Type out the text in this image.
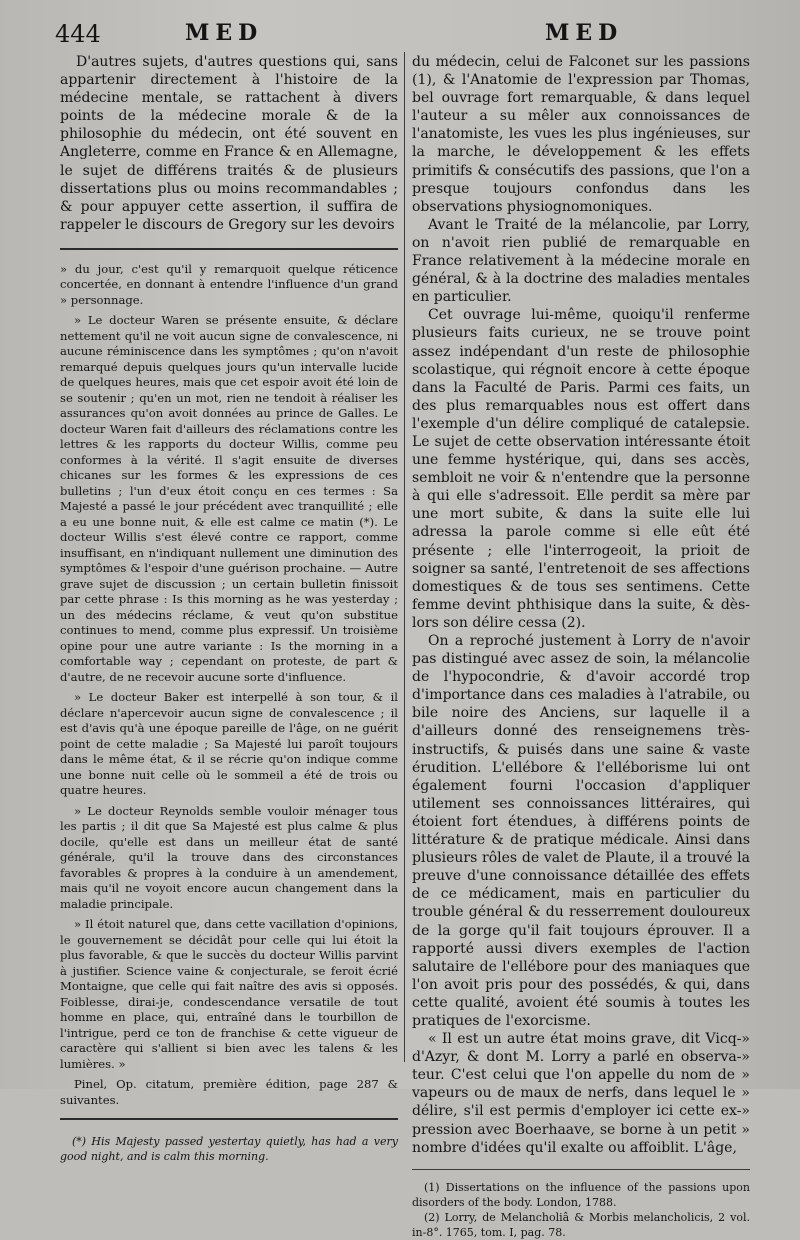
444	MED	MED

D'autres sujets, d'autres questions qui, sans appartenir directement à l'histoire de la médecine mentale, se rattachent à divers points de la médecine morale & de la philosophie du médecin, ont été souvent en Angleterre, comme en France & en Allemagne, le sujet de différens traités & de plusieurs dissertations plus ou moins recommandables ; & pour appuyer cette assertion, il suffira de rappeler le discours de Gregory sur les devoirs

» du jour, c'est qu'il y remarquoit quelque réticence concertée, en donnant à entendre l'influence d'un grand » personnage.

» Le docteur Waren se présente ensuite, & déclare nettement qu'il ne voit aucun signe de convalescence, ni aucune réminiscence dans les symptômes ; qu'on n'avoit remarqué depuis quelques jours qu'un intervalle lucide de quelques heures, mais que cet espoir avoit été loin de se soutenir ; qu'en un mot, rien ne tendoit à réaliser les assurances qu'on avoit données au prince de Galles. Le docteur Waren fait d'ailleurs des réclamations contre les lettres & les rapports du docteur Willis, comme peu conformes à la vérité. Il s'agit ensuite de diverses chicanes sur les formes & les expressions de ces bulletins ; l'un d'eux étoit conçu en ces termes : Sa Majesté a passé le jour précédent avec tranquillité ; elle a eu une bonne nuit, & elle est calme ce matin (*). Le docteur Willis s'est élevé contre ce rapport, comme insuffisant, en n'indiquant nullement une diminution des symptômes & l'espoir d'une guérison prochaine. — Autre grave sujet de discussion ; un certain bulletin finissoit par cette phrase : Is this morning as he was yesterday ; un des médecins réclame, & veut qu'on substitue continues to mend, comme plus expressif. Un troisième opine pour une autre variante : Is the morning in a comfortable way ; cependant on proteste, de part & d'autre, de ne recevoir aucune sorte d'influence.

» Le docteur Baker est interpellé à son tour, & il déclare n'apercevoir aucun signe de convalescence ; il est d'avis qu'à une époque pareille de l'âge, on ne guérit point de cette maladie ; Sa Majesté lui paroît toujours dans le même état, & il se récrie qu'on indique comme une bonne nuit celle où le sommeil a été de trois ou quatre heures.

» Le docteur Reynolds semble vouloir ménager tous les partis ; il dit que Sa Majesté est plus calme & plus docile, qu'elle est dans un meilleur état de santé générale, qu'il la trouve dans des circonstances favorables & propres à la conduire à un amendement, mais qu'il ne voyoit encore aucun changement dans la maladie principale.

» Il étoit naturel que, dans cette vacillation d'opinions, le gouvernement se décidât pour celle qui lui étoit la plus favorable, & que le succès du docteur Willis parvint à justifier. Science vaine & conjecturale, se feroit écrié Montaigne, que celle qui fait naître des avis si opposés. Foiblesse, dirai-je, condescendance versatile de tout homme en place, qui, entraîné dans le tourbillon de l'intrigue, perd ce ton de franchise & cette vigueur de caractère qui s'allient si bien avec les talens & les lumières. »

Pinel, Op. citatum, première édition, page 287 & suivantes.

(*) His Majesty passed yestertay quietly, has had a very good night, and is calm this morning.

du médecin, celui de Falconet sur les passions (1), & l'Anatomie de l'expression par Thomas, bel ouvrage fort remarquable, & dans lequel l'auteur a su mêler aux connoissances de l'anatomiste, les vues les plus ingénieuses, sur la marche, le développement & les effets primitifs & consécutifs des passions, que l'on a presque toujours confondus dans les observations physiognomoniques.

Avant le Traité de la mélancolie, par Lorry, on n'avoit rien publié de remarquable en France relativement à la médecine morale en général, & à la doctrine des maladies mentales en particulier.

Cet ouvrage lui-même, quoiqu'il renferme plusieurs faits curieux, ne se trouve point assez indépendant d'un reste de philosophie scolastique, qui régnoit encore à cette époque dans la Faculté de Paris. Parmi ces faits, un des plus remarquables nous est offert dans l'exemple d'un délire compliqué de catalepsie. Le sujet de cette observation intéressante étoit une femme hystérique, qui, dans ses accès, sembloit ne voir & n'entendre que la personne à qui elle s'adressoit. Elle perdit sa mère par une mort subite, & dans la suite elle lui adressa la parole comme si elle eût été présente ; elle l'interrogeoit, la prioit de soigner sa santé, l'entretenoit de ses affections domestiques & de tous ses sentimens. Cette femme devint phthisique dans la suite, & dès-lors son délire cessa (2).

On a reproché justement à Lorry de n'avoir pas distingué avec assez de soin, la mélancolie de l'hypocondrie, & d'avoir accordé trop d'importance dans ces maladies à l'atrabile, ou bile noire des Anciens, sur laquelle il a d'ailleurs donné des renseignemens très-instructifs, & puisés dans une saine & vaste érudition. L'ellébore & l'elléborisme lui ont également fourni l'occasion d'appliquer utilement ses connoissances littéraires, qui étoient fort étendues, à différens points de littérature & de pratique médicale. Ainsi dans plusieurs rôles de valet de Plaute, il a trouvé la preuve d'une connoissance détaillée des effets de ce médicament, mais en particulier du trouble général & du resserrement douloureux de la gorge qu'il fait toujours éprouver. Il a rapporté aussi divers exemples de l'action salutaire de l'ellébore pour des maniaques que l'on avoit pris pour des possédés, & qui, dans cette qualité, avoient été soumis à toutes les pratiques de l'exorcisme.

« Il est un autre état moins grave, dit Vicq-» d'Azyr, & dont M. Lorry a parlé en observa-» teur. C'est celui que l'on appelle du nom de » vapeurs ou de maux de nerfs, dans lequel le » délire, s'il est permis d'employer ici cette ex-» pression avec Boerhaave, se borne à un petit » nombre d'idées qu'il exalte ou affoiblit. L'âge,

(1) Dissertations on the influence of the passions upon disorders of the body. London, 1788.

(2) Lorry, de Melancholiâ & Morbis melancholicis, 2 vol. in-8°. 1765, tom. I, pag. 78.
